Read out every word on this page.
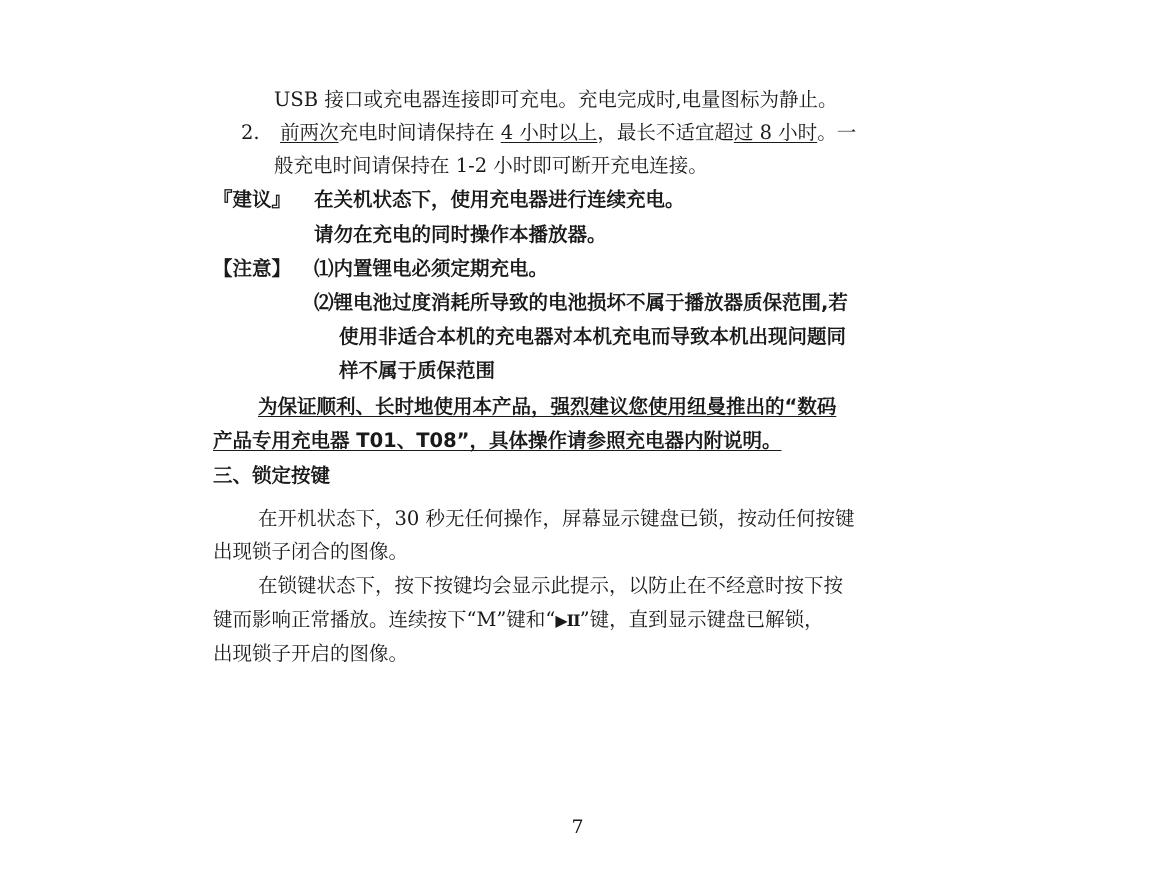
USB 接口或充电器连接即可充电。充电完成时,电量图标为静止。
2. 前两次充电时间请保持在 4 小时以上，最长不适宜超过 8 小时。一
般充电时间请保持在 1-2 小时即可断开充电连接。
『建议』 在关机状态下，使用充电器进行连续充电。
请勿在充电的同时操作本播放器。
【注意】 ⑴内置锂电必须定期充电。
⑵锂电池过度消耗所导致的电池损坏不属于播放器质保范围,若
使用非适合本机的充电器对本机充电而导致本机出现问题同
样不属于质保范围
为保证顺利、长时地使用本产品，强烈建议您使用纽曼推出的“数码
产品专用充电器 T01、T08”，具体操作请参照充电器内附说明。
三、锁定按键
在开机状态下，30 秒无任何操作，屏幕显示键盘已锁，按动任何按键
出现锁子闭合的图像。
在锁键状态下，按下按键均会显示此提示，以防止在不经意时按下按
键而影响正常播放。连续按下“M”键和“▶II”键，直到显示键盘已解锁，
出现锁子开启的图像。
7
